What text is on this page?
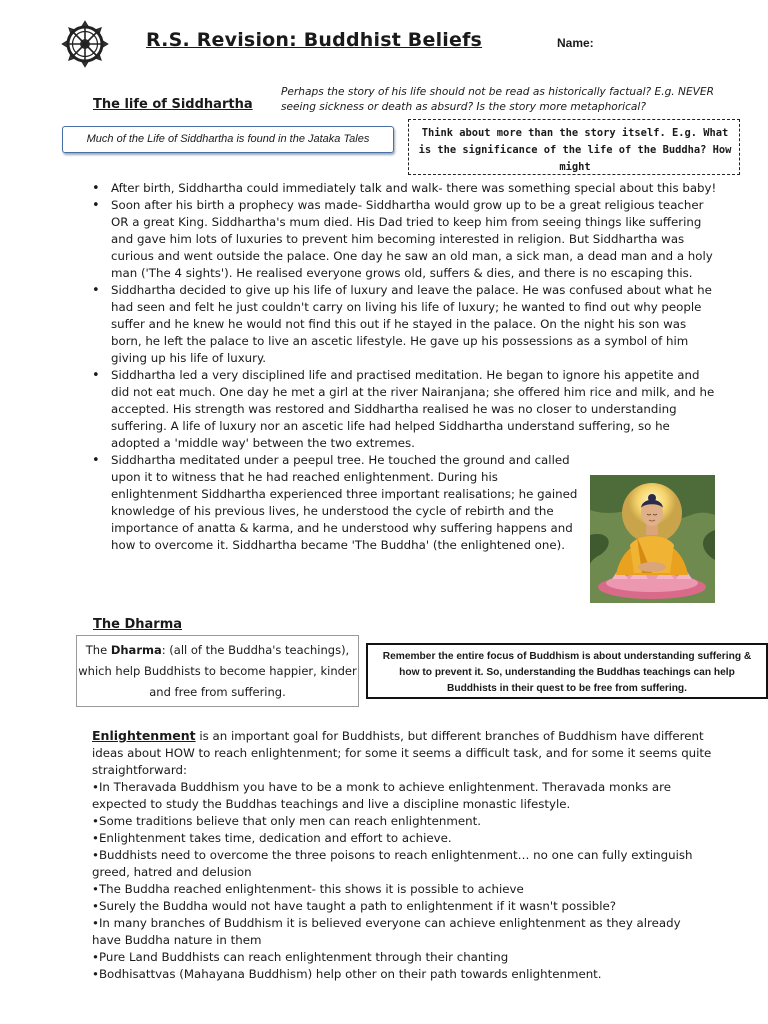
R.S. Revision: Buddhist Beliefs	Name:
The life of Siddhartha

Perhaps the story of his life should not be read as historically factual? E.g. NEVER seeing sickness or death as absurd? Is the story more metaphorical?

Much of the Life of Siddhartha is found in the Jataka Tales	Think about more than the story itself. E.g. What is the significance of the life of the Buddha? How might
• After birth, Siddhartha could immediately talk and walk- there was something special about this baby!
• Soon after his birth a prophecy was made- Siddhartha would grow up to be a great religious teacher OR a great King. Siddhartha's mum died. His Dad tried to keep him from seeing things like suffering and gave him lots of luxuries to prevent him becoming interested in religion. But Siddhartha was curious and went outside the palace. One day he saw an old man, a sick man, a dead man and a holy man ('The 4 sights'). He realised everyone grows old, suffers & dies, and there is no escaping this.
• Siddhartha decided to give up his life of luxury and leave the palace. He was confused about what he had seen and felt he just couldn't carry on living his life of luxury; he wanted to find out why people suffer and he knew he would not find this out if he stayed in the palace. On the night his son was born, he left the palace to live an ascetic lifestyle. He gave up his possessions as a symbol of him giving up his life of luxury.
• Siddhartha led a very disciplined life and practised meditation. He began to ignore his appetite and did not eat much. One day he met a girl at the river Nairanjana; she offered him rice and milk, and he accepted. His strength was restored and Siddhartha realised he was no closer to understanding suffering. A life of luxury nor an ascetic life had helped Siddhartha understand suffering, so he adopted a 'middle way' between the two extremes.
• Siddhartha meditated under a peepul tree. He touched the ground and called upon it to witness that he had reached enlightenment. During his enlightenment Siddhartha experienced three important realisations; he gained knowledge of his previous lives, he understood the cycle of rebirth and the importance of anatta & karma, and he understood why suffering happens and how to overcome it. Siddhartha became 'The Buddha' (the enlightened one).
The Dharma
The Dharma: (all of the Buddha's teachings), which help Buddhists to become happier, kinder and free from suffering.
Remember the entire focus of Buddhism is about understanding suffering & how to prevent it. So, understanding the Buddhas teachings can help Buddhists in their quest to be free from suffering.

Enlightenment is an important goal for Buddhists, but different branches of Buddhism have different ideas about HOW to reach enlightenment; for some it seems a difficult task, and for some it seems quite straightforward:

•In Theravada Buddhism you have to be a monk to achieve enlightenment. Theravada monks are expected to study the Buddhas teachings and live a discipline monastic lifestyle.

•Some traditions believe that only men can reach enlightenment.

•Enlightenment takes time, dedication and effort to achieve.

•Buddhists need to overcome the three poisons to reach enlightenment… no one can fully extinguish greed, hatred and delusion

•The Buddha reached enlightenment- this shows it is possible to achieve

•Surely the Buddha would not have taught a path to enlightenment if it wasn't possible?

•In many branches of Buddhism it is believed everyone can achieve enlightenment as they already have Buddha nature in them

•Pure Land Buddhists can reach enlightenment through their chanting

•Bodhisattvas (Mahayana Buddhism) help other on their path towards enlightenment.
